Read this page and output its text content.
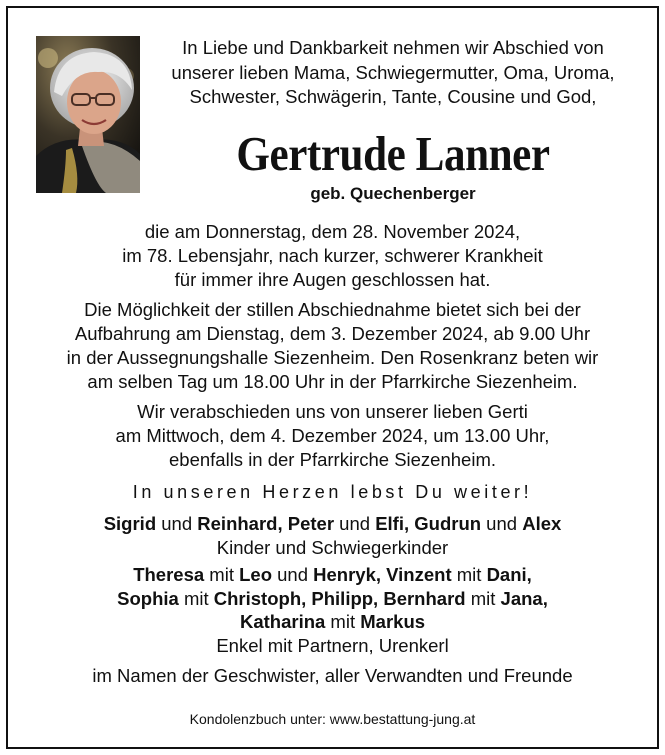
In Liebe und Dankbarkeit nehmen wir Abschied von
unserer lieben Mama, Schwiegermutter, Oma, Uroma,
Schwester, Schwägerin, Tante, Cousine und God,
Gertrude Lanner
geb. Quechenberger
die am Donnerstag, dem 28. November 2024,
im 78. Lebensjahr, nach kurzer, schwerer Krankheit
für immer ihre Augen geschlossen hat.
Die Möglichkeit der stillen Abschiednahme bietet sich bei der
Aufbahrung am Dienstag, dem 3. Dezember 2024, ab 9.00 Uhr
in der Aussegnungshalle Siezenheim. Den Rosenkranz beten wir
am selben Tag um 18.00 Uhr in der Pfarrkirche Siezenheim.
Wir verabschieden uns von unserer lieben Gerti
am Mittwoch, dem 4. Dezember 2024, um 13.00 Uhr,
ebenfalls in der Pfarrkirche Siezenheim.
In unseren Herzen lebst Du weiter!
Sigrid und Reinhard, Peter und Elfi, Gudrun und Alex
Kinder und Schwiegerkinder
Theresa mit Leo und Henryk, Vinzent mit Dani,
Sophia mit Christoph, Philipp, Bernhard mit Jana,
Katharina mit Markus
Enkel mit Partnern, Urenkerl
im Namen der Geschwister, aller Verwandten und Freunde
Kondolenzbuch unter: www.bestattung-jung.at
